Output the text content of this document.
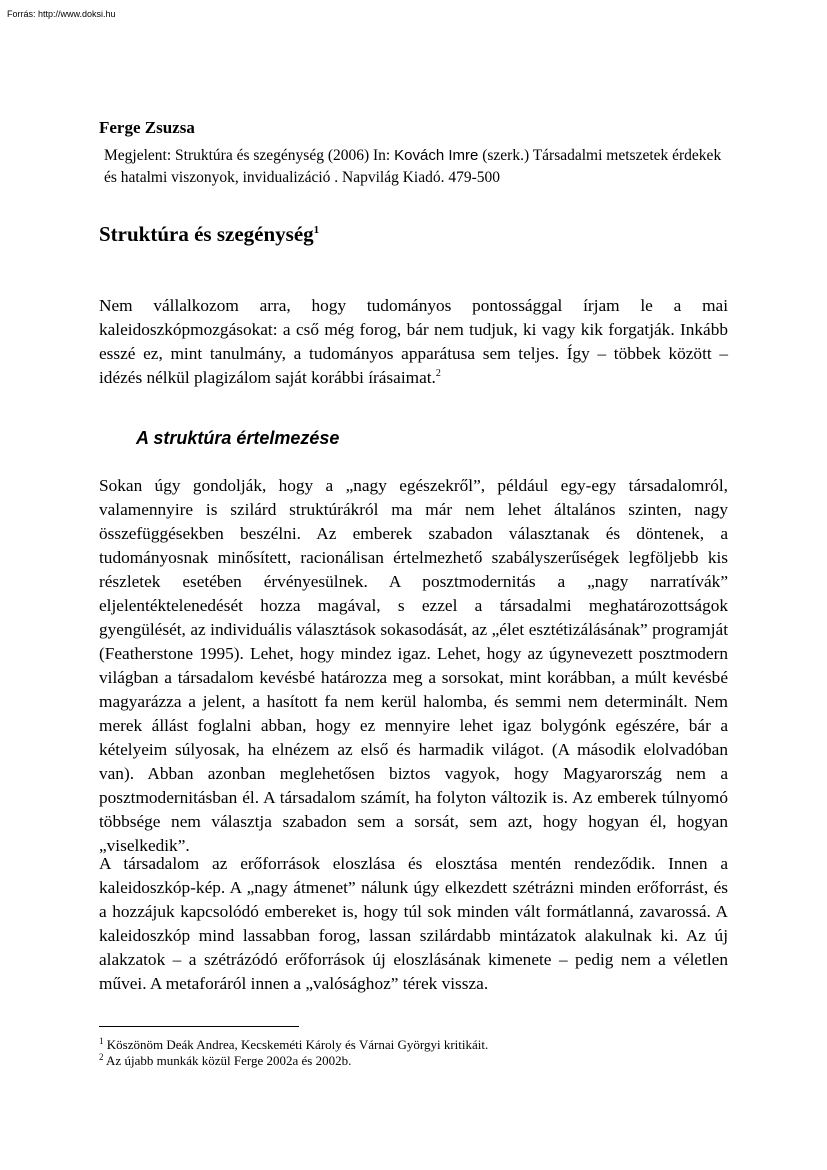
Forrás: http://www.doksi.hu
Ferge Zsuzsa
Megjelent: Struktúra és szegénység (2006) In: Kovách Imre (szerk.) Társadalmi metszetek érdekek és hatalmi viszonyok, invidualizáció . Napvilág Kiadó. 479-500
Struktúra és szegénység$^1$
Nem vállalkozom arra, hogy tudományos pontossággal írjam le a mai kaleidoszkópmozgásokat: a cső még forog, bár nem tudjuk, ki vagy kik forgatják. Inkább esszé ez, mint tanulmány, a tudományos apparátusa sem teljes. Így – többek között – idézés nélkül plagizálom saját korábbi írásaimat.$^2$
A struktúra értelmezése
Sokan úgy gondolják, hogy a „nagy egészekről”, például egy-egy társadalomról, valamennyire is szilárd struktúrákról ma már nem lehet általános szinten, nagy összefüggésekben beszélni. Az emberek szabadon választanak és döntenek, a tudományosnak minősített, racionálisan értelmezhető szabályszerűségek legföljebb kis részletek esetében érvényesülnek. A posztmodernitás a „nagy narratívák” eljelentéktelenedését hozza magával, s ezzel a társadalmi meghatározottságok gyengülését, az individuális választások sokasodását, az „élet esztétizálásának” programját (Featherstone 1995). Lehet, hogy mindez igaz. Lehet, hogy az úgynevezett posztmodern világban a társadalom kevésbé határozza meg a sorsokat, mint korábban, a múlt kevésbé magyarázza a jelent, a hasított fa nem kerül halomba, és semmi nem determinált. Nem merek állást foglalni abban, hogy ez mennyire lehet igaz bolygónk egészére, bár a kételyeim súlyosak, ha elnézem az első és harmadik világot. (A második elolvadóban van). Abban azonban meglehetősen biztos vagyok, hogy Magyarország nem a posztmodernitásban él. A társadalom számít, ha folyton változik is. Az emberek túlnyomó többsége nem választja szabadon sem a sorsát, sem azt, hogy hogyan él, hogyan „viselkedik”.
A társadalom az erőforrások eloszlása és elosztása mentén rendeződik. Innen a kaleidoszkóp-kép. A „nagy átmenet” nálunk úgy elkezdett szétrázni minden erőforrást, és a hozzájuk kapcsolódó embereket is, hogy túl sok minden vált formátlanná, zavarossá. A kaleidoszkóp mind lassabban forog, lassan szilárdabb mintázatok alakulnak ki. Az új alakzatok – a szétrázódó erőforrások új eloszlásának kimenete – pedig nem a véletlen művei. A metaforáról innen a „valósághoz” térek vissza.
$^1$ Köszönöm Deák Andrea, Kecskeméti Károly és Várnai Györgyi kritikáit.
$^2$ Az újabb munkák közül Ferge 2002a és 2002b.
